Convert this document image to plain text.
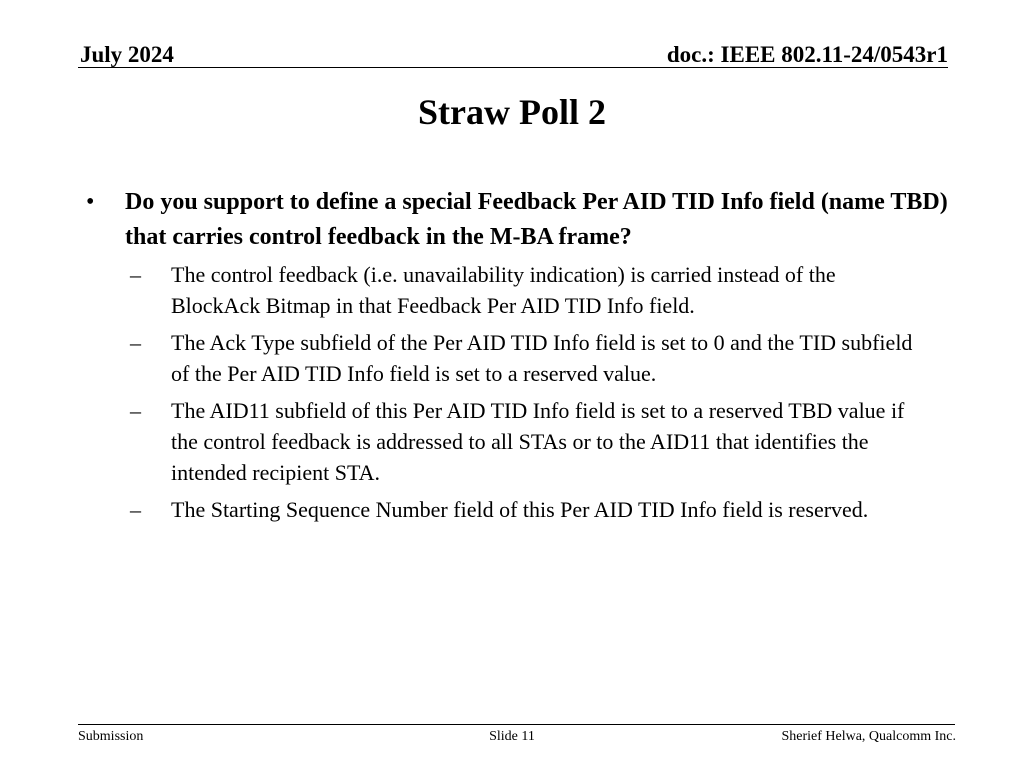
July 2024	doc.: IEEE 802.11-24/0543r1
Straw Poll 2
• Do you support to define a special Feedback Per AID TID Info field (name TBD) that carries control feedback in the M-BA frame?
– The control feedback (i.e. unavailability indication) is carried instead of the BlockAck Bitmap in that Feedback Per AID TID Info field.
– The Ack Type subfield of the Per AID TID Info field is set to 0 and the TID subfield of the Per AID TID Info field is set to a reserved value.
– The AID11 subfield of this Per AID TID Info field is set to a reserved TBD value if the control feedback is addressed to all STAs or to the AID11 that identifies the intended recipient STA.
– The Starting Sequence Number field of this Per AID TID Info field is reserved.
Submission	Slide 11	Sherief Helwa, Qualcomm Inc.
